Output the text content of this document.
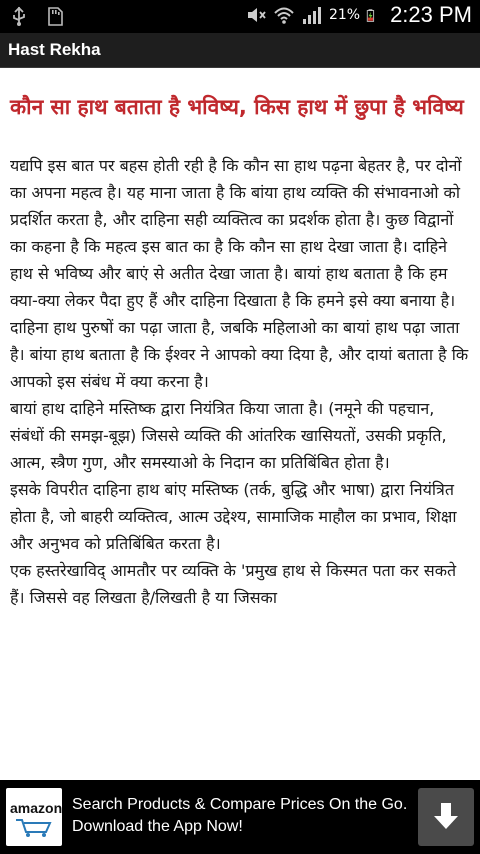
21% 2:23 PM
Hast Rekha
कौन सा हाथ बताता है भविष्य, किस हाथ में छुपा है भविष्य

यद्यपि इस बात पर बहस होती रही है कि कौन सा हाथ पढ़ना बेहतर है, पर दोनों का अपना महत्व है। यह माना जाता है कि बांया हाथ व्यक्ति की संभावनाओ को प्रदर्शित करता है, और दाहिना सही व्यक्तित्व का प्रदर्शक होता है। कुछ विद्वानों का कहना है कि महत्व इस बात का है कि कौन सा हाथ देखा जाता है। दाहिने हाथ से भविष्य और बाएं से अतीत देखा जाता है। बायां हाथ बताता है कि हम क्या-क्या लेकर पैदा हुए हैं और दाहिना दिखाता है कि हमने इसे क्या बनाया है। दाहिना हाथ पुरुषों का पढ़ा जाता है, जबकि महिलाओ का बायां हाथ पढ़ा जाता है। बांया हाथ बताता है कि ईश्वर ने आपको क्या दिया है, और दायां बताता है कि आपको इस संबंध में क्या करना है।

बायां हाथ दाहिने मस्तिष्क द्वारा नियंत्रित किया जाता है। (नमूने की पहचान, संबंधों की समझ-बूझ) जिससे व्यक्ति की आंतरिक खासियतों, उसकी प्रकृति, आत्म, स्त्रैण गुण, और समस्याओ के निदान का प्रतिबिंबित होता है।

इसके विपरीत दाहिना हाथ बांए मस्तिष्क (तर्क, बुद्धि और भाषा) द्वारा नियंत्रित होता है, जो बाहरी व्यक्तित्व, आत्म उद्देश्य, सामाजिक माहौल का प्रभाव, शिक्षा और अनुभव को प्रतिबिंबित करता है।

एक हस्तरेखाविद् आमतौर पर व्यक्ति के 'प्रमुख हाथ से किस्मत पता कर सकते हैं। जिससे वह लिखता है/लिखती है या जिसका

amazon Search Products & Compare Prices On the Go. Download the App Now!
